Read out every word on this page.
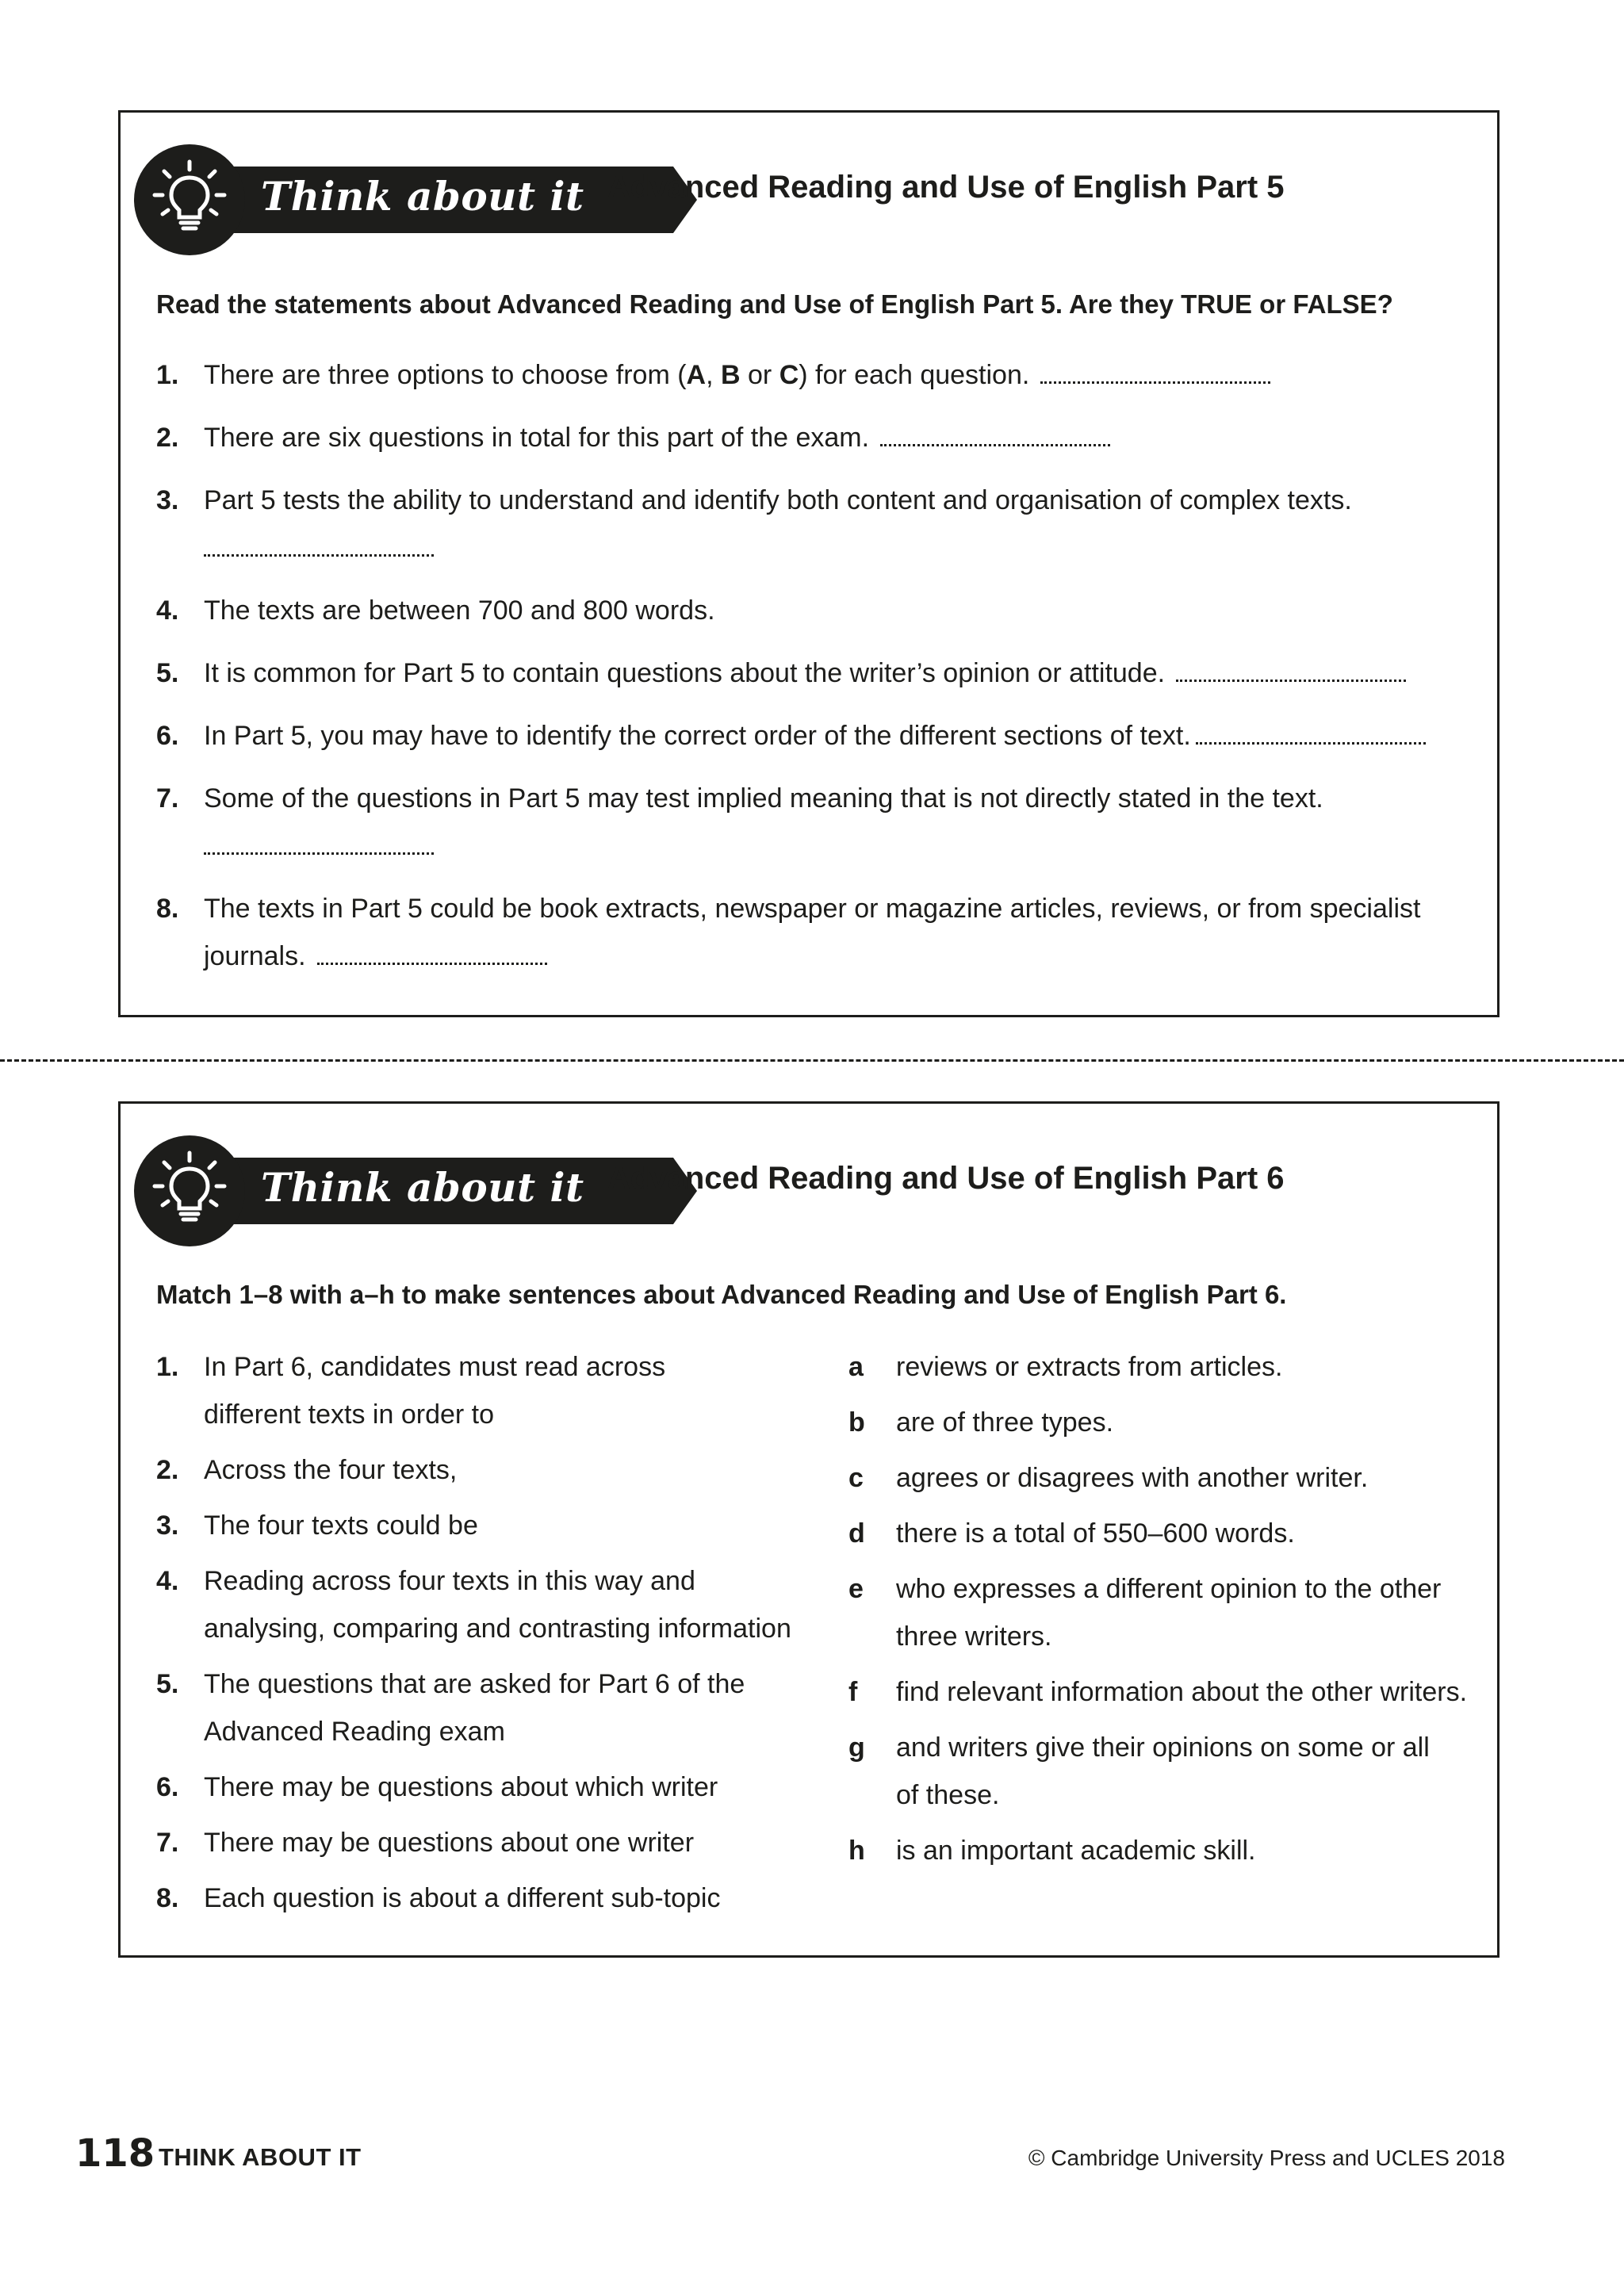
Think about it Advanced Reading and Use of English Part 5
Read the statements about Advanced Reading and Use of English Part 5. Are they TRUE or FALSE?
1. There are three options to choose from (A, B or C) for each question.
2. There are six questions in total for this part of the exam.
3. Part 5 tests the ability to understand and identify both content and organisation of complex texts.
4. The texts are between 700 and 800 words.
5. It is common for Part 5 to contain questions about the writer’s opinion or attitude.
6. In Part 5, you may have to identify the correct order of the different sections of text.
7. Some of the questions in Part 5 may test implied meaning that is not directly stated in the text.
8. The texts in Part 5 could be book extracts, newspaper or magazine articles, reviews, or from specialist
journals.
Think about it Advanced Reading and Use of English Part 6
Match 1–8 with a–h to make sentences about Advanced Reading and Use of English Part 6.
1. In Part 6, candidates must read across
different texts in order to
2. Across the four texts,
3. The four texts could be
4. Reading across four texts in this way and
analysing, comparing and contrasting information
5. The questions that are asked for Part 6 of the
Advanced Reading exam
6. There may be questions about which writer
7. There may be questions about one writer
8. Each question is about a different sub-topic
a reviews or extracts from articles.
b are of three types.
c agrees or disagrees with another writer.
d there is a total of 550–600 words.
e who expresses a different opinion to the other
three writers.
f find relevant information about the other writers.
g and writers give their opinions on some or all
of these.
h is an important academic skill.
118 THINK ABOUT IT	© Cambridge University Press and UCLES 2018
